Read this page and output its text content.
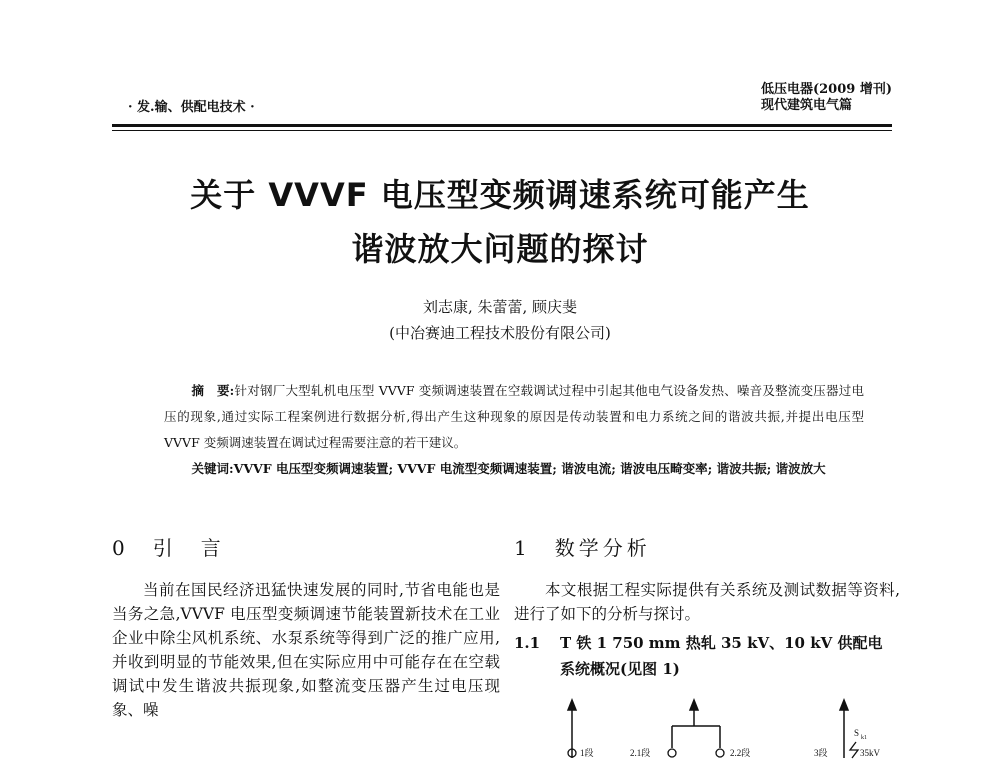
· 发.输、供配电技术 ·
低压电器(2009 增刊)
现代建筑电气篇
关于 VVVF 电压型变频调速系统可能产生
谐波放大问题的探讨
刘志康, 朱蕾蕾, 顾庆斐
(中冶赛迪工程技术股份有限公司)

摘　要:针对钢厂大型轧机电压型 VVVF 变频调速装置在空载调试过程中引起其他电气设备发热、噪音及整流变压器过电压的现象,通过实际工程案例进行数据分析,得出产生这种现象的原因是传动装置和电力系统之间的谐波共振,并提出电压型 VVVF 变频调速装置在调试过程需要注意的若干建议。

关键词:VVVF 电压型变频调速装置; VVVF 电流型变频调速装置; 谐波电流; 谐波电压畸变率; 谐波共振; 谐波放大

0　引　言

当前在国民经济迅猛快速发展的同时,节省电能也是当务之急,VVVF 电压型变频调速节能装置新技术在工业企业中除尘风机系统、水泵系统等得到广泛的推广应用,并收到明显的节能效果,但在实际应用中可能存在在空载调试中发生谐波共振现象,如整流变压器产生过电压现象、噪

1　数学分析

本文根据工程实际提供有关系统及测试数据等资料,进行了如下的分析与探讨。

1.1 T 铁 1 750 mm 热轧 35 kV、10 kV 供配电
系统概况(见图 1)
1段	2.1段	2.2段	3段
S k1
35kV
